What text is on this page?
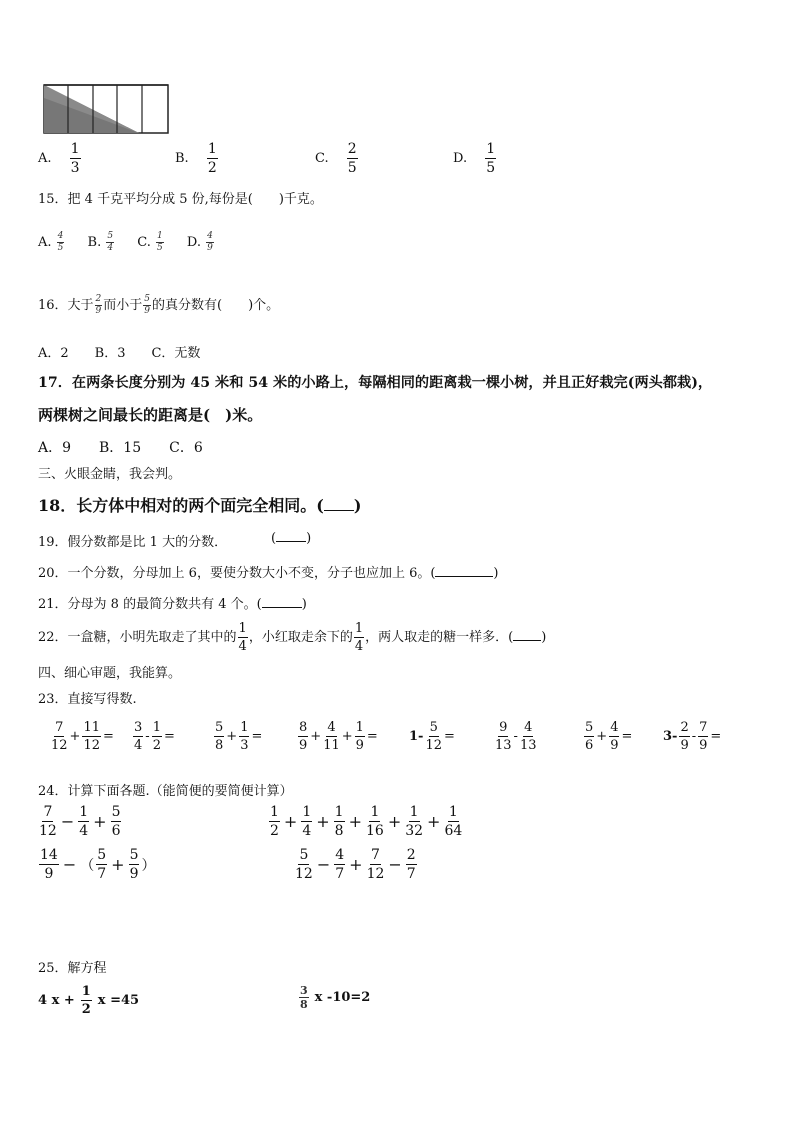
A. $\frac{1}{3}$	B. $\frac{1}{2}$	C. $\frac{2}{5}$	D. $\frac{1}{5}$
15．把 4 千克平均分成 5 份,每份是(　　)千克。
A. $\frac{4}{5} B$. $\frac{5}{4} C$. $\frac{1}{5} D$. $\frac{4}{9}$
16．大于 $\frac{2}{9}$ 而小于 $\frac{5}{9}$ 的真分数有(　　)个。
A．2　　B．3　　C．无数
17．在两条长度分别为 45 米和 54 米的小路上，每隔相同的距离栽一棵小树，并且正好栽完(两头都栽)，
两棵树之间最长的距离是(　)米。
A．9　　B．15　　C．6
三、火眼金睛，我会判。
18．长方体中相对的两个面完全相同。( )
19．假分数都是比 1 大的分数．	( )
20．一个分数，分母加上 6，要使分数大小不变，分子也应加上 6。(	)
21．分母为 8 的最简分数共有 4 个。(	)
22．一盒糖，小明先取走了其中的 $\frac{1}{4}$ ，小红取走余下的 $\frac{1}{4}$ ，两人取走的糖一样多．( )
四、细心审题，我能算。
23．直接写得数.
$\frac{7}{12} + \frac{11}{12} = \frac{3}{4} - \frac{1}{2}$ =	$\frac{5}{8} + \frac{1}{3}$ =	$\frac{8}{9} + \frac{4}{11} + \frac{1}{9} = 1- \frac{5}{12}$ =	$\frac{9}{13} - \frac{4}{13}$	$\frac{5}{6} + \frac{4}{9} = 3- \frac{2}{9} - \frac{7}{9}$ =
24．计算下面各题.（能简便的要简便计算）
$\frac{7}{12} - \frac{1}{4} + \frac{5}{6}$	$\frac{1}{2} + \frac{1}{4} + \frac{1}{8} + \frac{1}{16} + \frac{1}{32} + \frac{1}{64}$
$\frac{14}{9}$ − （ $\frac{5}{7} + \frac{5}{9}$ ）	$\frac{5}{12} - \frac{4}{7} + \frac{7}{12} - \frac{2}{7}$
25．解方程
4 $x + \frac{1}{2}$ x =45	$\frac{3}{8}$ x -10=2
